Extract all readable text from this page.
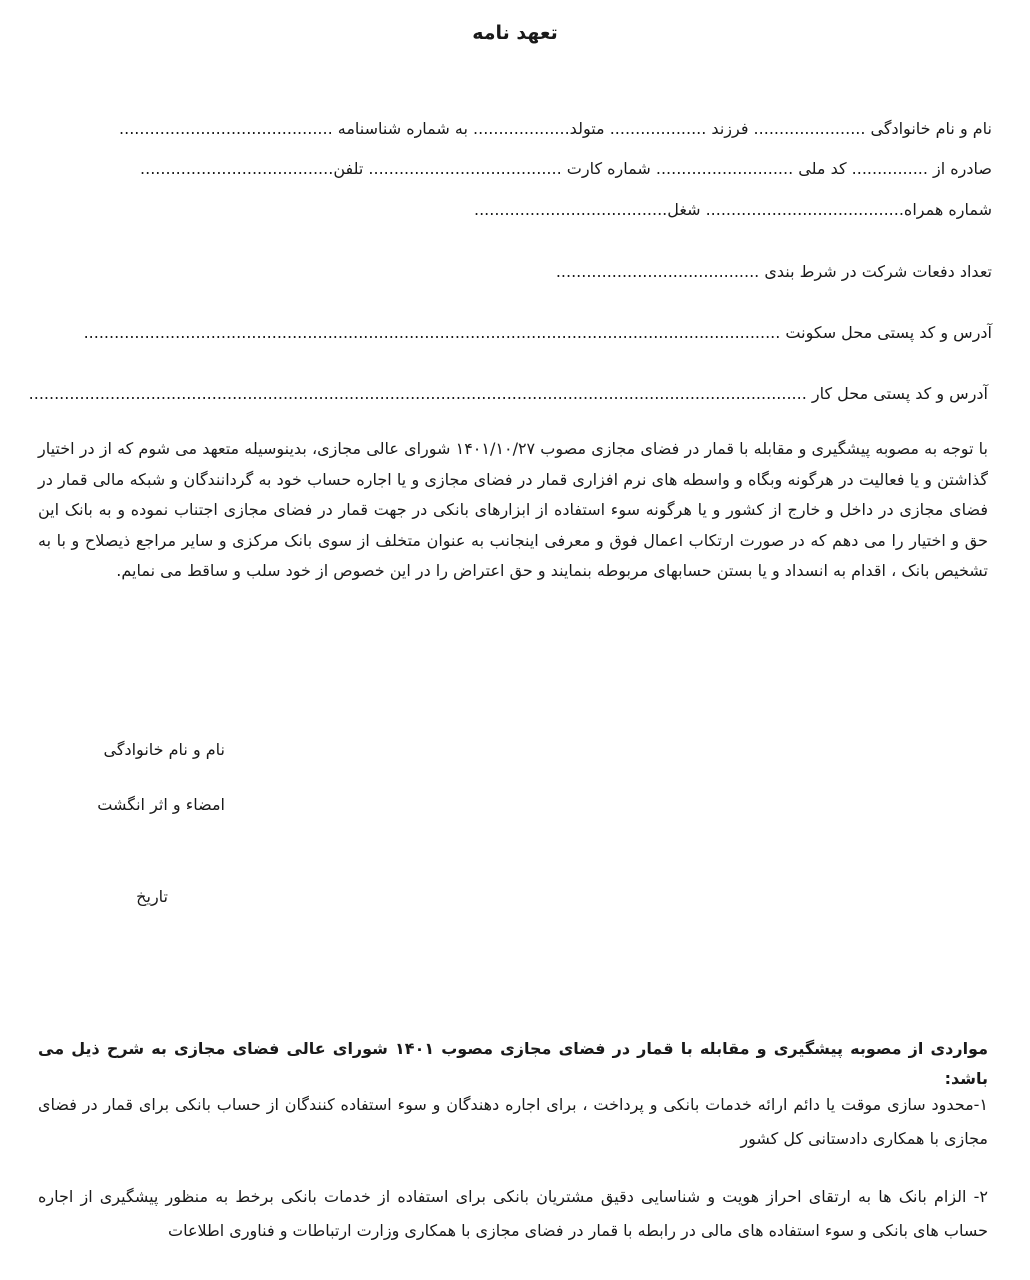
تعهد نامه
نام و نام خانوادگی ...................... فرزند ................... متولد................... به شماره شناسنامه ..........................................
صادره از ............... کد ملی ........................... شماره کارت ...................................... تلفن......................................
شماره همراه....................................... شغل......................................
تعداد دفعات شرکت در شرط بندی ........................................
آدرس و کد پستی محل سکونت .........................................................................................................................................
آدرس و کد پستی محل کار .........................................................................................................................................................
با توجه به مصوبه پیشگیری و مقابله با قمار در فضای مجازی مصوب ۱۴۰۱/۱۰/۲۷ شورای عالی مجازی، بدینوسیله متعهد می شوم که از در اختیار گذاشتن و یا فعالیت در هرگونه وبگاه و واسطه های نرم افزاری قمار در فضای مجازی و یا اجاره حساب خود به گردانندگان و شبکه مالی قمار در فضای مجازی در داخل و خارج از کشور و یا هرگونه سوء استفاده از ابزارهای بانکی در جهت قمار در فضای مجازی اجتناب نموده و به بانک این حق و اختیار را می دهم که در صورت ارتکاب اعمال فوق و معرفی اینجانب به عنوان متخلف از سوی بانک مرکزی و سایر مراجع ذیصلاح و با به تشخیص بانک ، اقدام به انسداد و یا بستن حسابهای مربوطه بنمایند و حق اعتراض را در این خصوص از خود سلب و ساقط می نمایم.
نام و نام خانوادگی
امضاء و اثر انگشت
تاریخ
مواردی از مصوبه پیشگیری و مقابله با قمار در فضای مجازی مصوب ۱۴۰۱ شورای عالی فضای مجازی به شرح ذیل می باشد:
۱-محدود سازی موقت یا دائم ارائه خدمات بانکی و پرداخت ، برای اجاره دهندگان و سوء استفاده کنندگان از حساب بانکی برای قمار در فضای مجازی با همکاری دادستانی کل کشور
۲- الزام بانک ها به ارتقای احراز هویت و شناسایی دقیق مشتریان بانکی برای استفاده از خدمات بانکی برخط به منظور پیشگیری از اجاره حساب های بانکی و سوء استفاده های مالی در رابطه با قمار در فضای مجازی با همکاری وزارت ارتباطات و فناوری اطلاعات
